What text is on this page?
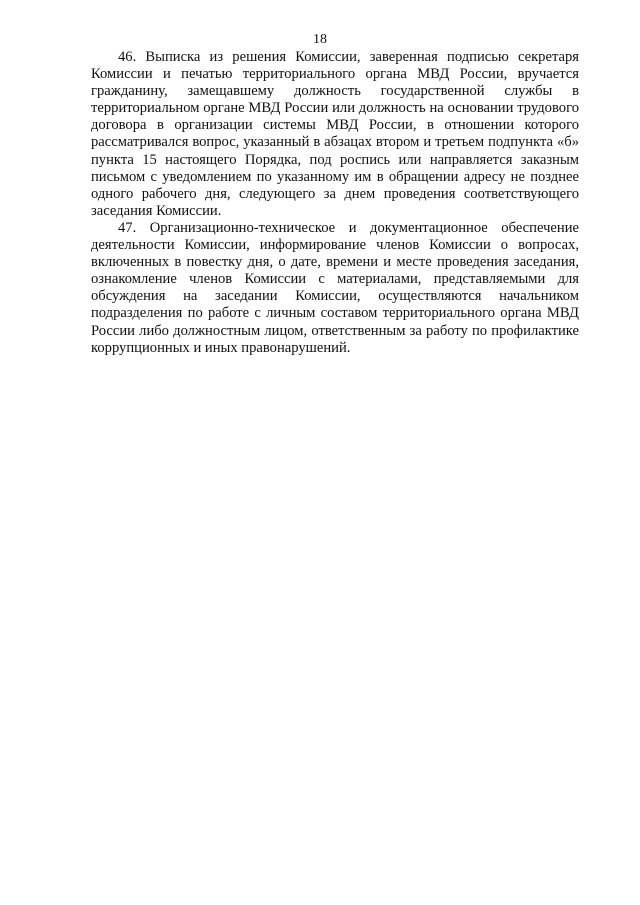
18

46. Выписка из решения Комиссии, заверенная подписью секретаря Комиссии и печатью территориального органа МВД России, вручается гражданину, замещавшему должность государственной службы в территориальном органе МВД России или должность на основании трудового договора в организации системы МВД России, в отношении которого рассматривался вопрос, указанный в абзацах втором и третьем подпункта «б» пункта 15 настоящего Порядка, под роспись или направляется заказным письмом с уведомлением по указанному им в обращении адресу не позднее одного рабочего дня, следующего за днем проведения соответствующего заседания Комиссии.

47. Организационно-техническое и документационное обеспечение деятельности Комиссии, информирование членов Комиссии о вопросах, включенных в повестку дня, о дате, времени и месте проведения заседания, ознакомление членов Комиссии с материалами, представляемыми для обсуждения на заседании Комиссии, осуществляются начальником подразделения по работе с личным составом территориального органа МВД России либо должностным лицом, ответственным за работу по профилактике коррупционных и иных правонарушений.
